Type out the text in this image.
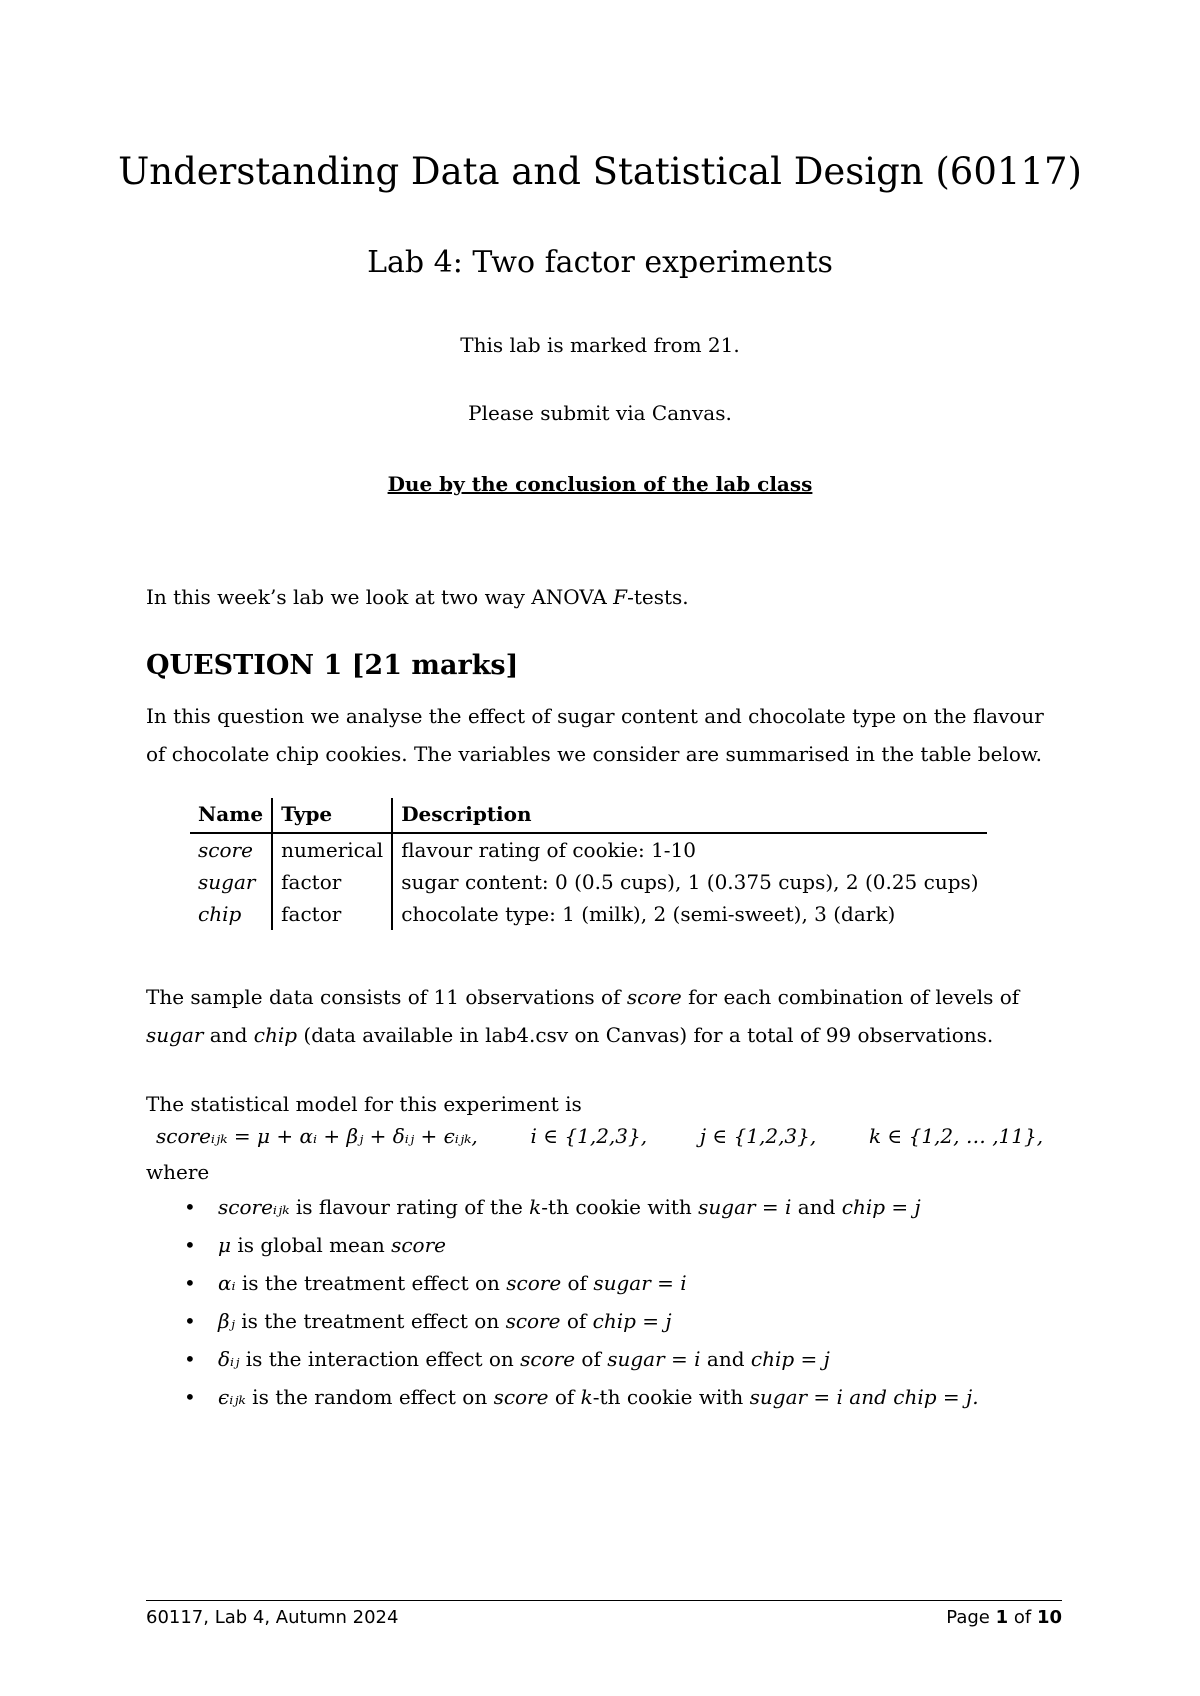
Understanding Data and Statistical Design (60117)
Lab 4: Two factor experiments
This lab is marked from 21.
Please submit via Canvas.
Due by the conclusion of the lab class
In this week’s lab we look at two way ANOVA F-tests.
QUESTION 1 [21 marks]
In this question we analyse the effect of sugar content and chocolate type on the flavour of chocolate chip cookies. The variables we consider are summarised in the table below.
Name	Type	Description
score	numerical	flavour rating of cookie: 1-10
sugar	factor	sugar content: 0 (0.5 cups), 1 (0.375 cups), 2 (0.25 cups)
chip	factor	chocolate type: 1 (milk), 2 (semi-sweet), 3 (dark)
The sample data consists of 11 observations of score for each combination of levels of sugar and chip (data available in lab4.csv on Canvas) for a total of 99 observations.
The statistical model for this experiment is
scoreᵢⱼₖ = μ + αᵢ + βⱼ + δᵢⱼ + ϵᵢⱼₖ,	i ∈ {1,2,3},	j ∈ {1,2,3},	k ∈ {1,2, … ,11},
where
• scoreᵢⱼₖ is flavour rating of the k-th cookie with sugar = i and chip = j
• μ is global mean score
• αᵢ is the treatment effect on score of sugar = i
• βⱼ is the treatment effect on score of chip = j
• δᵢⱼ is the interaction effect on score of sugar = i and chip = j
• ϵᵢⱼₖ is the random effect on score of k-th cookie with sugar = i and chip = j.
60117, Lab 4, Autumn 2024	Page 1 of 10
